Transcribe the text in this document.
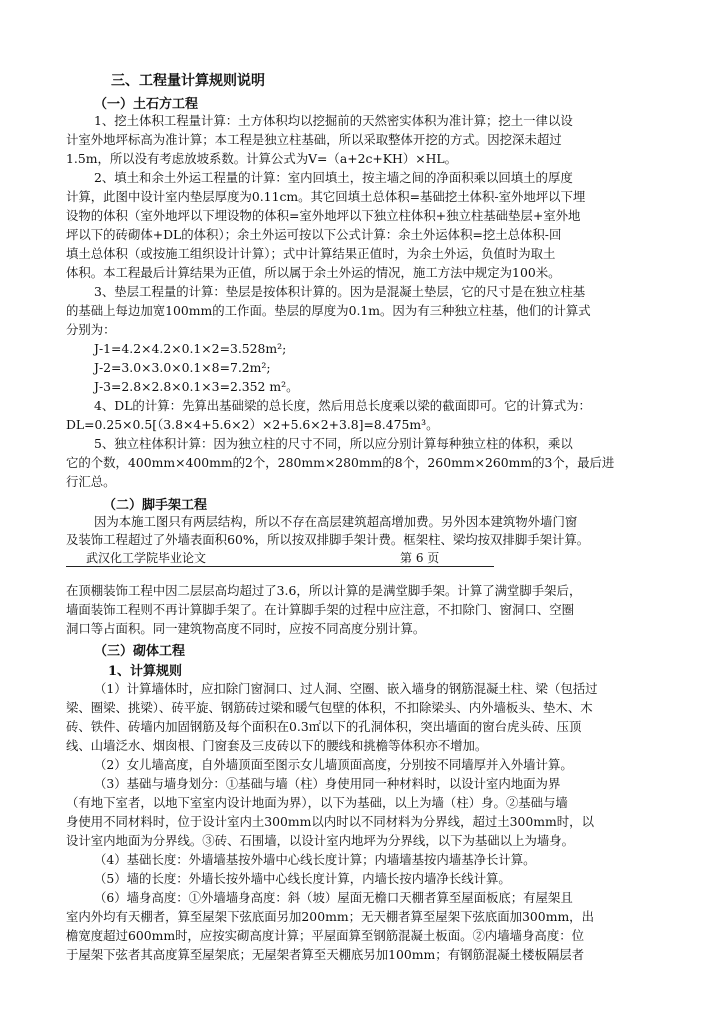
三、工程量计算规则说明
（一）土石方工程
1、挖土体积工程量计算：土方体积均以挖掘前的天然密实体积为准计算；挖土一律以设
计室外地坪标高为准计算；本工程是独立柱基础，所以采取整体开挖的方式。因挖深未超过
1.5m，所以没有考虑放坡系数。计算公式为V=（a+2c+KH）×HL。
2、填土和余土外运工程量的计算：室内回填土，按主墙之间的净面积乘以回填土的厚度
计算，此图中设计室内垫层厚度为0.11cm。其它回填土总体积=基础挖土体积-室外地坪以下埋
设物的体积（室外地坪以下埋设物的体积=室外地坪以下独立柱体积+独立柱基础垫层+室外地
坪以下的砖砌体+DL的体积）；余土外运可按以下公式计算：余土外运体积=挖土总体积-回
填土总体积（或按施工组织设计计算）；式中计算结果正值时，为余土外运，负值时为取土
体积。本工程最后计算结果为正值，所以属于余土外运的情况，施工方法中规定为100米。
3、垫层工程量的计算：垫层是按体积计算的。因为是混凝土垫层，它的尺寸是在独立柱基
的基础上每边加宽100mm的工作面。垫层的厚度为0.1m。因为有三种独立柱基，他们的计算式
分别为：
J-1=4.2×4.2×0.1×2=3.528m²;
J-2=3.0×3.0×0.1×8=7.2m²;
J-3=2.8×2.8×0.1×3=2.352 m²。
4、DL的计算：先算出基础梁的总长度，然后用总长度乘以梁的截面即可。它的计算式为：
DL=0.25×0.5[（3.8×4+5.6×2）×2+5.6×2+3.8]=8.475m³。
5、独立柱体积计算：因为独立柱的尺寸不同，所以应分别计算每种独立柱的体积，乘以
它的个数，400mm×400mm的2个，280mm×280mm的8个，260mm×260mm的3个，最后进
行汇总。
（二）脚手架工程
因为本施工图只有两层结构，所以不存在高层建筑超高增加费。另外因本建筑物外墙门窗
及装饰工程超过了外墙表面积60%，所以按双排脚手架计费。框架柱、梁均按双排脚手架计算。
武汉化工学院毕业论文	第 6 页
在顶棚装饰工程中因二层层高均超过了3.6，所以计算的是满堂脚手架。计算了满堂脚手架后，
墙面装饰工程则不再计算脚手架了。在计算脚手架的过程中应注意，不扣除门、窗洞口、空圈
洞口等占面积。同一建筑物高度不同时，应按不同高度分别计算。
（三）砌体工程
1、计算规则
（1）计算墙体时，应扣除门窗洞口、过人洞、空圈、嵌入墙身的钢筋混凝土柱、梁（包括过
梁、圈梁、挑梁）、砖平旋、钢筋砖过梁和暖气包壁的体积，不扣除梁头、内外墙板头、垫木、木
砖、铁件、砖墙内加固钢筋及每个面积在0.3㎡以下的孔洞体积，突出墙面的窗台虎头砖、压顶
线、山墙泛水、烟囱根、门窗套及三皮砖以下的腰线和挑檐等体积亦不增加。
（2）女儿墙高度，自外墙顶面至图示女儿墙顶面高度，分别按不同墙厚并入外墙计算。
（3）基础与墙身划分：①基础与墙（柱）身使用同一种材料时，以设计室内地面为界
（有地下室者，以地下室室内设计地面为界），以下为基础，以上为墙（柱）身。②基础与墙
身使用不同材料时，位于设计室内土300mm以内时以不同材料为分界线，超过土300mm时，以
设计室内地面为分界线。③砖、石围墙，以设计室内地坪为分界线，以下为基础以上为墙身。
（4）基础长度：外墙墙基按外墙中心线长度计算；内墙墙基按内墙基净长计算。
（5）墙的长度：外墙长按外墙中心线长度计算，内墙长按内墙净长线计算。
（6）墙身高度：①外墙墙身高度：斜（坡）屋面无檐口天棚者算至屋面板底；有屋架且
室内外均有天棚者，算至屋架下弦底面另加200mm；无天棚者算至屋架下弦底面加300mm，出
檐宽度超过600mm时，应按实砌高度计算；平屋面算至钢筋混凝土板面。②内墙墙身高度：位
于屋架下弦者其高度算至屋架底；无屋架者算至天棚底另加100mm；有钢筋混凝土楼板隔层者
